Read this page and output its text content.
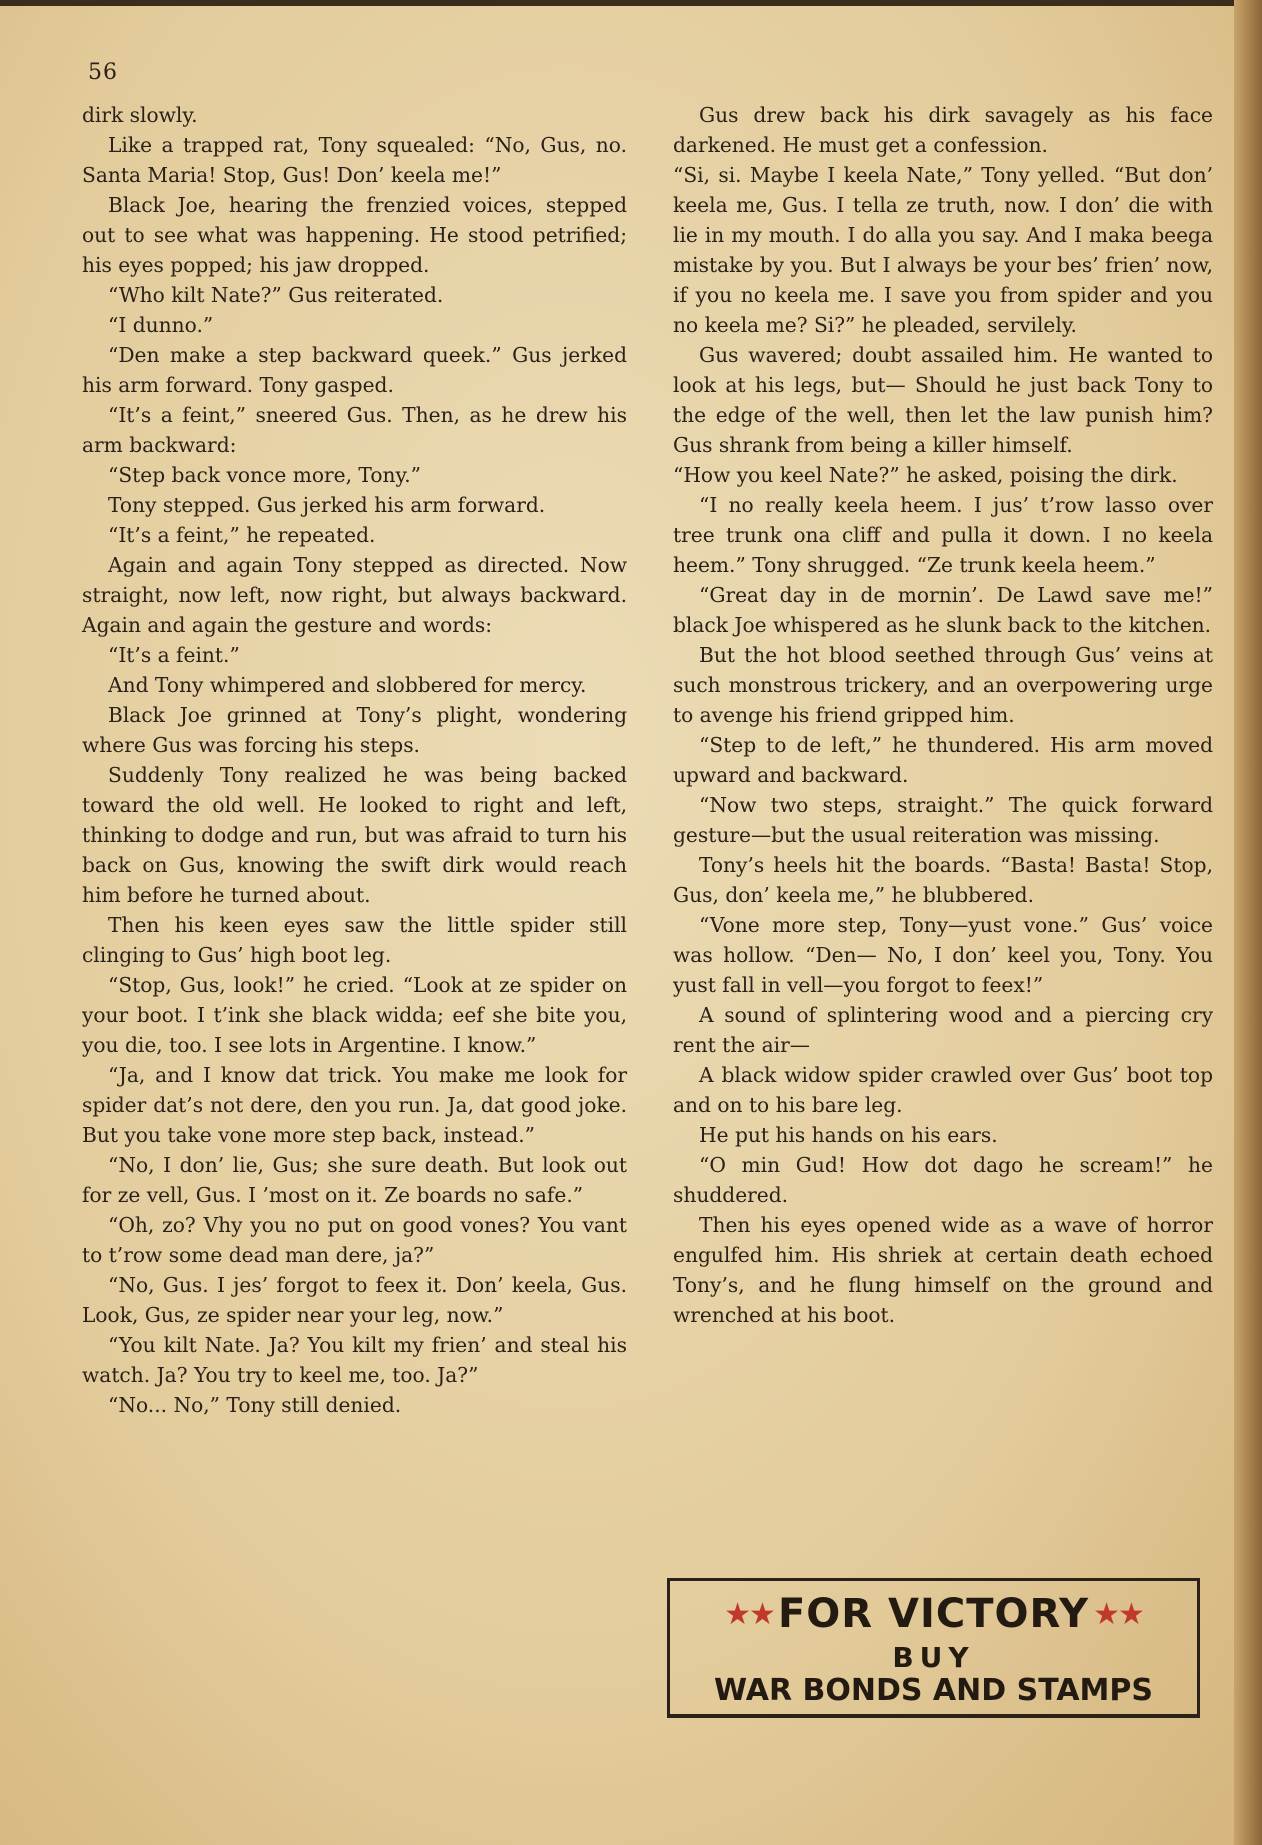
56

dirk slowly.

Like a trapped rat, Tony squealed: “No, Gus, no. Santa Maria! Stop, Gus! Don’ keela me!”

Black Joe, hearing the frenzied voices, stepped out to see what was happening. He stood petrified; his eyes popped; his jaw dropped.

“Who kilt Nate?” Gus reiterated.

“I dunno.”

“Den make a step backward queek.” Gus jerked his arm forward. Tony gasped.

“It’s a feint,” sneered Gus. Then, as he drew his arm backward:

“Step back vonce more, Tony.”

Tony stepped. Gus jerked his arm forward.

“It’s a feint,” he repeated.

Again and again Tony stepped as directed. Now straight, now left, now right, but always backward. Again and again the gesture and words:

“It’s a feint.”

And Tony whimpered and slobbered for mercy.

Black Joe grinned at Tony’s plight, wondering where Gus was forcing his steps.

Suddenly Tony realized he was being backed toward the old well. He looked to right and left, thinking to dodge and run, but was afraid to turn his back on Gus, knowing the swift dirk would reach him before he turned about.

Then his keen eyes saw the little spider still clinging to Gus’ high boot leg.

“Stop, Gus, look!” he cried. “Look at ze spider on your boot. I t’ink she black widda; eef she bite you, you die, too. I see lots in Argentine. I know.”

“Ja, and I know dat trick. You make me look for spider dat’s not dere, den you run. Ja, dat good joke. But you take vone more step back, instead.”

“No, I don’ lie, Gus; she sure death. But look out for ze vell, Gus. I ’most on it. Ze boards no safe.”

“Oh, zo? Vhy you no put on good vones? You vant to t’row some dead man dere, ja?”

“No, Gus. I jes’ forgot to feex it. Don’ keela, Gus. Look, Gus, ze spider near your leg, now.”

“You kilt Nate. Ja? You kilt my frien’ and steal his watch. Ja? You try to keel me, too. Ja?”

“No... No,” Tony still denied.

Gus drew back his dirk savagely as his face darkened. He must get a confession.

“Si, si. Maybe I keela Nate,” Tony yelled. “But don’ keela me, Gus. I tella ze truth, now. I don’ die with lie in my mouth. I do alla you say. And I maka beega mistake by you. But I always be your bes’ frien’ now, if you no keela me. I save you from spider and you no keela me? Si?” he pleaded, servilely.

Gus wavered; doubt assailed him. He wanted to look at his legs, but— Should he just back Tony to the edge of the well, then let the law punish him? Gus shrank from being a killer himself.

“How you keel Nate?” he asked, poising the dirk.

“I no really keela heem. I jus’ t’row lasso over tree trunk ona cliff and pulla it down. I no keela heem.” Tony shrugged. “Ze trunk keela heem.”

“Great day in de mornin’. De Lawd save me!” black Joe whispered as he slunk back to the kitchen.

But the hot blood seethed through Gus’ veins at such monstrous trickery, and an overpowering urge to avenge his friend gripped him.

“Step to de left,” he thundered. His arm moved upward and backward.

“Now two steps, straight.” The quick forward gesture—but the usual reiteration was missing.

Tony’s heels hit the boards. “Basta! Basta! Stop, Gus, don’ keela me,” he blubbered.

“Vone more step, Tony—yust vone.” Gus’ voice was hollow. “Den— No, I don’ keel you, Tony. You yust fall in vell—you forgot to feex!”

A sound of splintering wood and a piercing cry rent the air—

A black widow spider crawled over Gus’ boot top and on to his bare leg.

He put his hands on his ears.

“O min Gud! How dot dago he scream!” he shuddered.

Then his eyes opened wide as a wave of horror engulfed him. His shriek at certain death echoed Tony’s, and he flung himself on the ground and wrenched at his boot.

★★ FOR VICTORY ★★
BUY
WAR BONDS AND STAMPS
